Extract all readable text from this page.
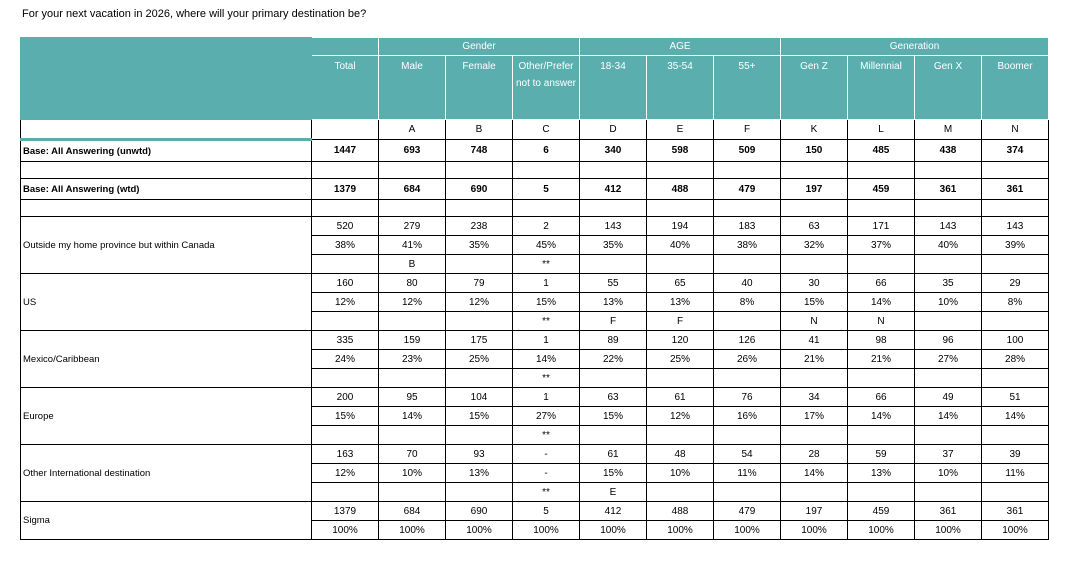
For your next vacation in 2026, where will your primary destination be?
		Gender			AGE			Generation			
	Total	Male	Female	Other/Prefer not to answer	18-34	35-54	55+	Gen Z	Millennial	Gen X	Boomer
		A	B	C	D	E	F	K	L	M	N
Base: All Answering (unwtd)	1447	693	748	6	340	598	509	150	485	438	374

Base: All Answering (wtd)	1379	684	690	5	412	488	479	197	459	361	361

Outside my home province but within Canada	520	279	238	2	143	194	183	63	171	143	143
	38%	41%	35%	45%	35%	40%	38%	32%	37%	40%	39%
		B		**							
US	160	80	79	1	55	65	40	30	66	35	29
	12%	12%	12%	15%	13%	13%	8%	15%	14%	10%	8%
				**	F	F		N	N		
Mexico/Caribbean	335	159	175	1	89	120	126	41	98	96	100
	24%	23%	25%	14%	22%	25%	26%	21%	21%	27%	28%
				**							
Europe	200	95	104	1	63	61	76	34	66	49	51
	15%	14%	15%	27%	15%	12%	16%	17%	14%	14%	14%
				**							
Other International destination	163	70	93	-	61	48	54	28	59	37	39
	12%	10%	13%	-	15%	10%	11%	14%	13%	10%	11%
				**	E						
Sigma	1379	684	690	5	412	488	479	197	459	361	361
	100%	100%	100%	100%	100%	100%	100%	100%	100%	100%	100%
